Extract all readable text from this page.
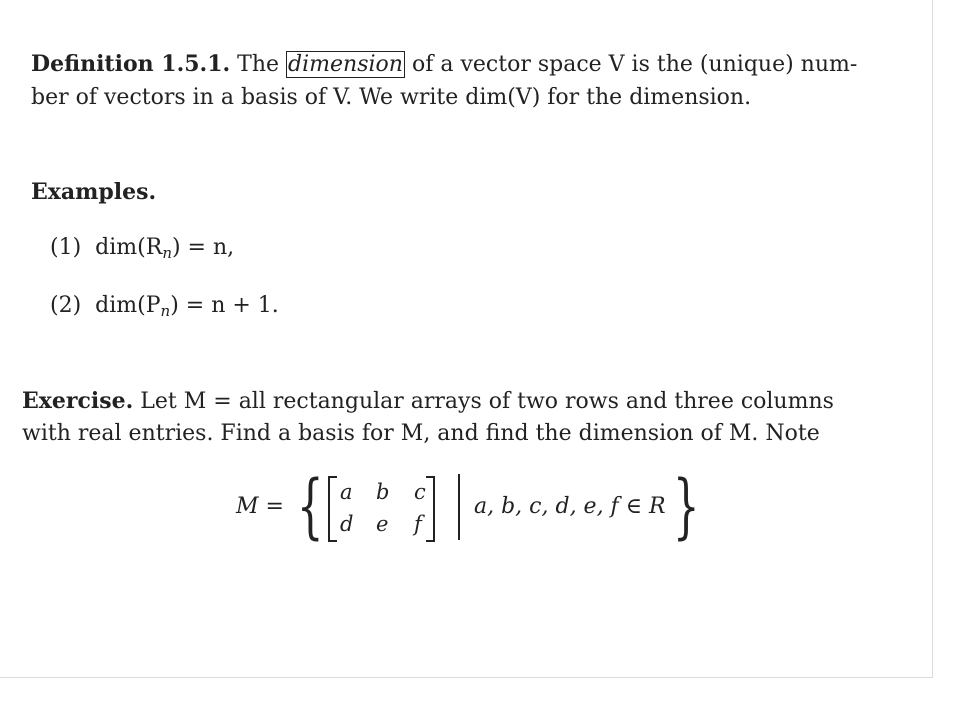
Definition 1.5.1. The dimension of a vector space V is the (unique) num-
ber of vectors in a basis of V. We write dim(V) for the dimension.
Examples.
(1) $dim(R_n) = n$,
(2) $dim(P_n) = n + 1$.
Exercise. Let M = all rectangular arrays of two rows and three columns
with real entries. Find a basis for M, and find the dimension of M. Note
M = { a b c
d e f
a, b, c, d, e, f ∈ R }
